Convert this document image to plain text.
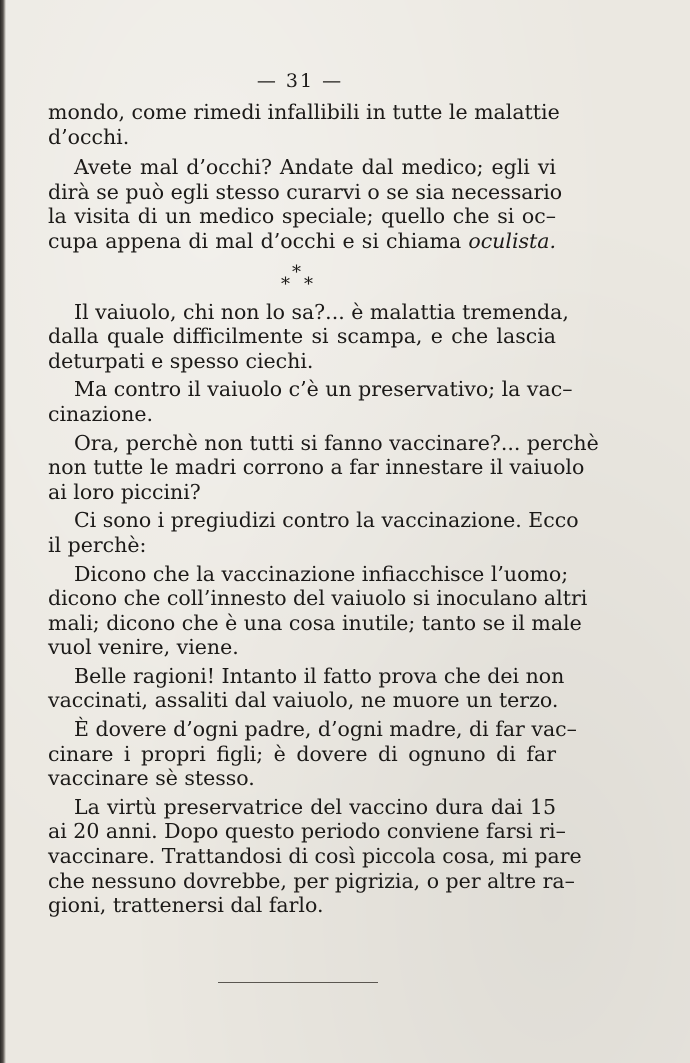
— 31 —
mondo, come rimedi infallibili in tutte le malattie
d’occhi.
Avete mal d’occhi? Andate dal medico; egli vi
dirà se può egli stesso curarvi o se sia necessario
la visita di un medico speciale; quello che si oc–
cupa appena di mal d’occhi e si chiama oculista.
*
* *
Il vaiuolo, chi non lo sa?... è malattia tremenda,
dalla quale difficilmente si scampa, e che lascia
deturpati e spesso ciechi.
Ma contro il vaiuolo c’è un preservativo; la vac–
cinazione.
Ora, perchè non tutti si fanno vaccinare?... perchè
non tutte le madri corrono a far innestare il vaiuolo
ai loro piccini?
Ci sono i pregiudizi contro la vaccinazione. Ecco
il perchè:
Dicono che la vaccinazione infiacchisce l’uomo;
dicono che coll’innesto del vaiuolo si inoculano altri
mali; dicono che è una cosa inutile; tanto se il male
vuol venire, viene.
Belle ragioni! Intanto il fatto prova che dei non
vaccinati, assaliti dal vaiuolo, ne muore un terzo.
È dovere d’ogni padre, d’ogni madre, di far vac–
cinare i propri figli; è dovere di ognuno di far
vaccinare sè stesso.
La virtù preservatrice del vaccino dura dai 15
ai 20 anni. Dopo questo periodo conviene farsi ri–
vaccinare. Trattandosi di così piccola cosa, mi pare
che nessuno dovrebbe, per pigrizia, o per altre ra–
gioni, trattenersi dal farlo.
